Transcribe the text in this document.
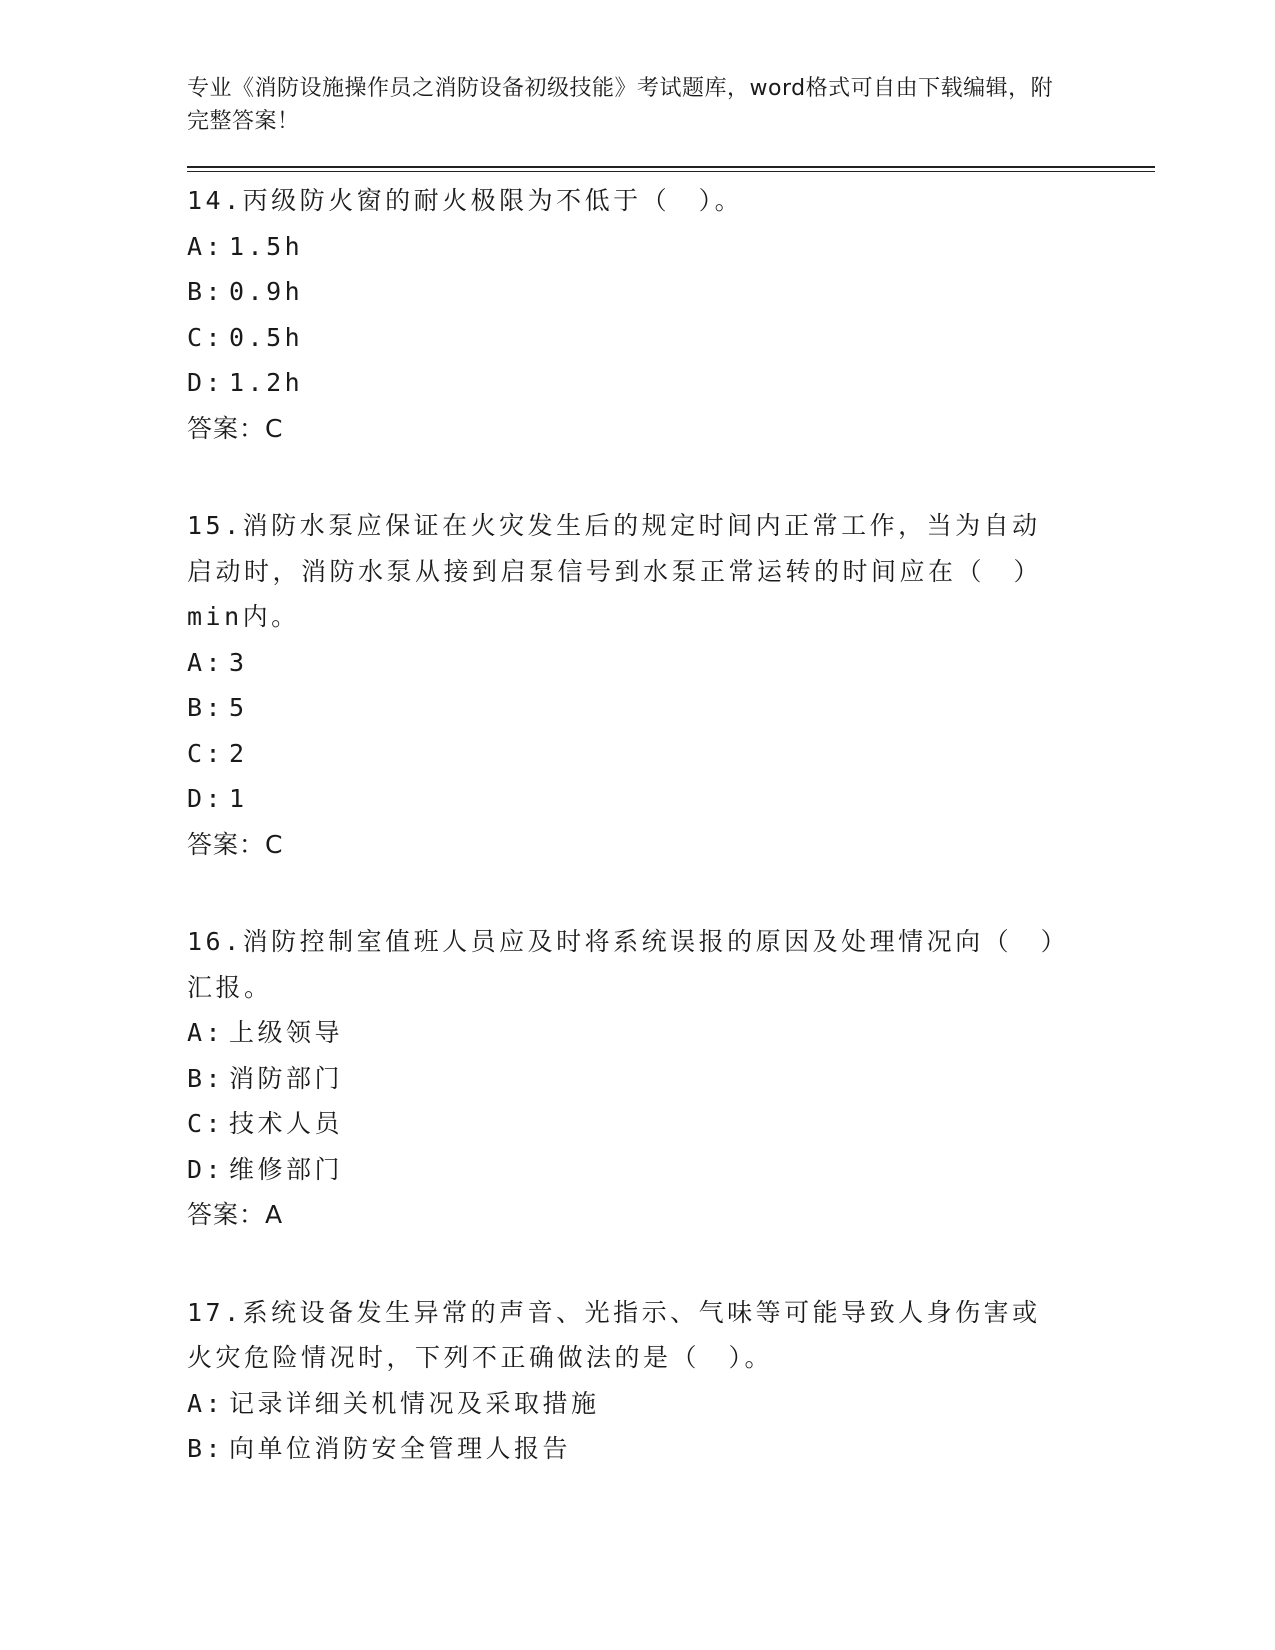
专业《消防设施操作员之消防设备初级技能》考试题库，word格式可自由下载编辑，附完整答案！
14.丙级防火窗的耐火极限为不低于（　）。
A: 1.5h
B: 0.9h
C: 0.5h
D: 1.2h
答案：C
15.消防水泵应保证在火灾发生后的规定时间内正常工作，当为自动启动时，消防水泵从接到启泵信号到水泵正常运转的时间应在（　）min内。
A: 3
B: 5
C: 2
D: 1
答案：C
16.消防控制室值班人员应及时将系统误报的原因及处理情况向（　）汇报。
A: 上级领导
B: 消防部门
C: 技术人员
D: 维修部门
答案：A
17.系统设备发生异常的声音、光指示、气味等可能导致人身伤害或火灾危险情况时，下列不正确做法的是（　）。
A: 记录详细关机情况及采取措施
B: 向单位消防安全管理人报告
